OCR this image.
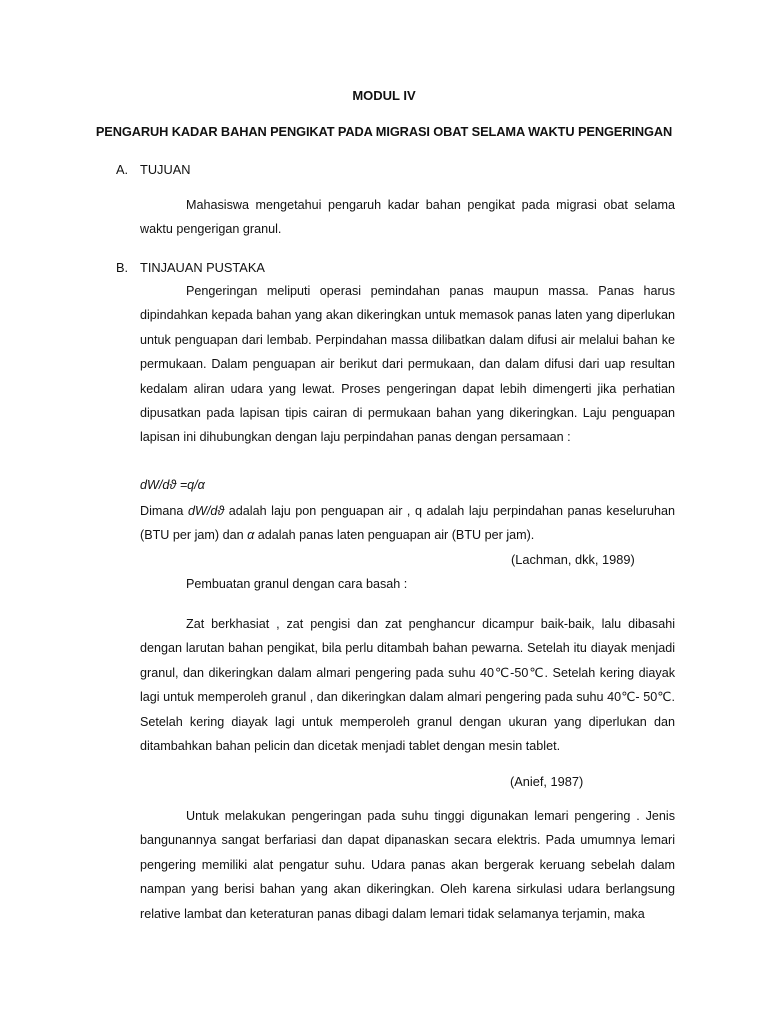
MODUL IV
PENGARUH KADAR BAHAN PENGIKAT PADA MIGRASI OBAT SELAMA WAKTU PENGERINGAN
A. TUJUAN

Mahasiswa mengetahui pengaruh kadar bahan pengikat pada migrasi obat selama waktu pengerigan granul.

B. TINJAUAN PUSTAKA

Pengeringan meliputi operasi pemindahan panas maupun massa. Panas harus dipindahkan kepada bahan yang akan dikeringkan untuk memasok panas laten yang diperlukan untuk penguapan dari lembab. Perpindahan massa dilibatkan dalam difusi air melalui bahan ke permukaan. Dalam penguapan air berikut dari permukaan, dan dalam difusi dari uap resultan kedalam aliran udara yang lewat. Proses pengeringan dapat lebih dimengerti jika perhatian dipusatkan pada lapisan tipis cairan di permukaan bahan yang dikeringkan. Laju penguapan lapisan ini dihubungkan dengan laju perpindahan panas dengan persamaan :

dW/dϑ =q/α

Dimana dW/dϑ adalah laju pon penguapan air , q adalah laju perpindahan panas keseluruhan (BTU per jam) dan α adalah panas laten penguapan air (BTU per jam).

(Lachman, dkk, 1989)
Pembuatan granul dengan cara basah :

Zat berkhasiat , zat pengisi dan zat penghancur dicampur baik-baik, lalu dibasahi dengan larutan bahan pengikat, bila perlu ditambah bahan pewarna. Setelah itu diayak menjadi granul, dan dikeringkan dalam almari pengering pada suhu 40℃-50℃. Setelah kering diayak lagi untuk memperoleh granul , dan dikeringkan dalam almari pengering pada suhu 40℃- 50℃. Setelah kering diayak lagi untuk memperoleh granul dengan ukuran yang diperlukan dan ditambahkan bahan pelicin dan dicetak menjadi tablet dengan mesin tablet.

(Anief, 1987)

Untuk melakukan pengeringan pada suhu tinggi digunakan lemari pengering . Jenis bangunannya sangat berfariasi dan dapat dipanaskan secara elektris. Pada umumnya lemari pengering memiliki alat pengatur suhu. Udara panas akan bergerak keruang sebelah dalam nampan yang berisi bahan yang akan dikeringkan. Oleh karena sirkulasi udara berlangsung relative lambat dan keteraturan panas dibagi dalam lemari tidak selamanya terjamin, maka
